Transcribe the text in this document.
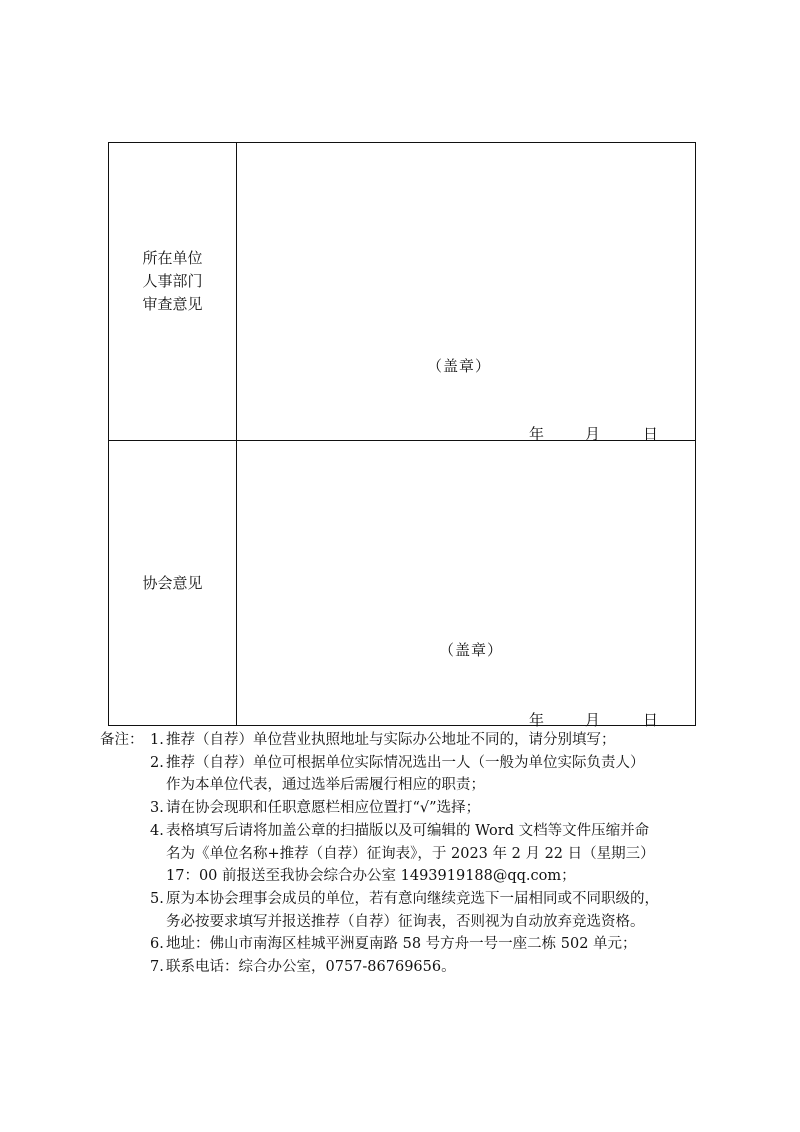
所在单位
人事部门
审查意见
（盖章）
年	月	日
协会意见
（盖章）
年	月	日
备注： 1. 推荐（自荐）单位营业执照地址与实际办公地址不同的，请分别填写；
2. 推荐（自荐）单位可根据单位实际情况选出一人（一般为单位实际负责人）
作为本单位代表，通过选举后需履行相应的职责；
3. 请在协会现职和任职意愿栏相应位置打“√”选择；
4. 表格填写后请将加盖公章的扫描版以及可编辑的 Word 文档等文件压缩并命
名为《单位名称+推荐（自荐）征询表》，于 2023 年 2 月 22 日（星期三）
17：00 前报送至我协会综合办公室 1493919188@qq.com；
5. 原为本协会理事会成员的单位，若有意向继续竞选下一届相同或不同职级的，
务必按要求填写并报送推荐（自荐）征询表，否则视为自动放弃竞选资格。
6. 地址：佛山市南海区桂城平洲夏南路 58 号方舟一号一座二栋 502 单元；
7. 联系电话：综合办公室，0757-86769656。
